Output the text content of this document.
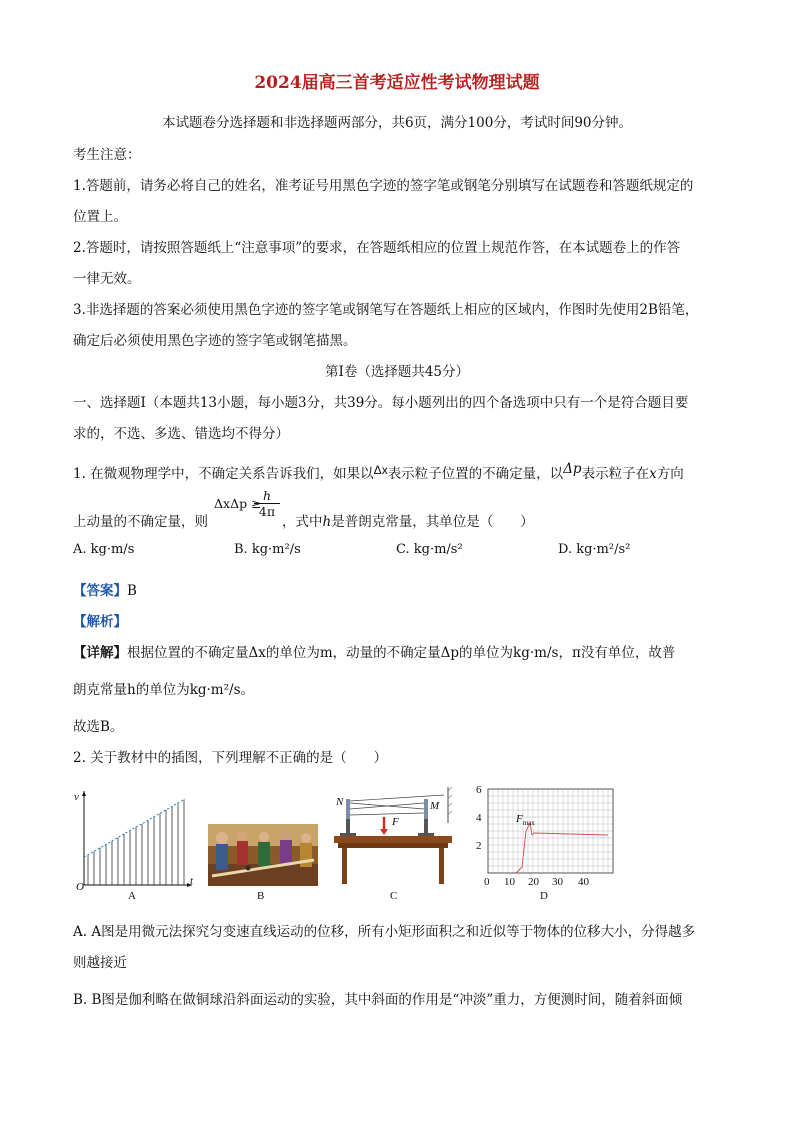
2024届高三首考适应性考试物理试题
本试题卷分选择题和非选择题两部分，共6页，满分100分，考试时间90分钟。
考生注意：
1.答题前，请务必将自己的姓名，准考证号用黑色字迹的签字笔或钢笔分别填写在试题卷和答题纸规定的
位置上。
2.答题时，请按照答题纸上“注意事项”的要求，在答题纸相应的位置上规范作答，在本试题卷上的作答
一律无效。
3.非选择题的答案必须使用黑色字迹的签字笔或钢笔写在答题纸上相应的区域内，作图时先使用2B铅笔，
确定后必须使用黑色字迹的签字笔或钢笔描黑。
第Ⅰ卷（选择题共45分）
一、选择题Ⅰ（本题共13小题，每小题3分，共39分。每小题列出的四个备选项中只有一个是符合题目要
求的，不选、多选、错选均不得分）
1. 在微观物理学中，不确定关系告诉我们，如果以Δx表示粒子位置的不确定量，以Δp表示粒子在x方向
上动量的不确定量，则
ΔxΔp ≥
$\frac{h}{4\pi}$
，式中h是普朗克常量，其单位是（　　）
A. kg·m/s	B. kg·m²/s	C. kg·m/s²	D. kg·m²/s²
【答案】B
【解析】
【详解】根据位置的不确定量Δx的单位为m，动量的不确定量Δp的单位为kg·m/s，π没有单位，故普
朗克常量h的单位为kg·m²/s。
故选B。
2. 关于教材中的插图，下列理解不正确的是（　　）
v
O	t
A	B
N	M
F
C
6
4
2
0 10 20 30 40
$F_{max}$
D
A. A图是用微元法探究匀变速直线运动的位移，所有小矩形面积之和近似等于物体的位移大小，分得越多
则越接近
B. B图是伽利略在做铜球沿斜面运动的实验，其中斜面的作用是“冲淡”重力，方便测时间，随着斜面倾
